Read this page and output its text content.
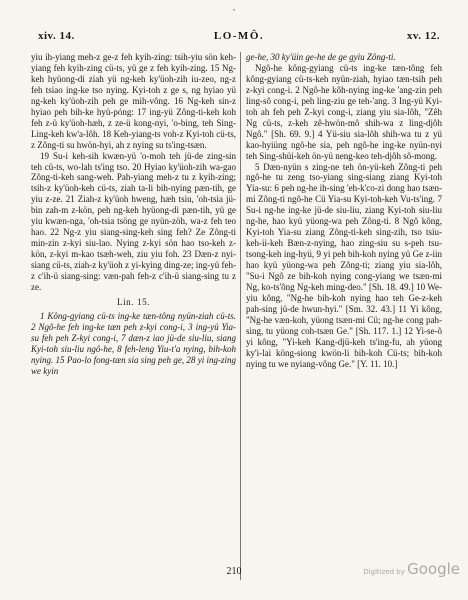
•
xiv. 14.	LO-MÔ.	xv. 12.

yiu ih-yiang meh-z ge-z feh kyih-zing: tsih-yiu sön keh-yiang feh kyih-zing cü-ts, yü ge z feh kyih-zing. 15 Ng-keh hyüong-di ziah yü ng-keh ky'üoh-zih iu-zeo, ng-z feh tsiao ing-ke tso nying. Kyi-toh z ge s, ng hyiao yü ng-keh ky'üoh-zih peh ge mih-vông. 16 Ng-keh sin-z hyiao peh bih-ke hyü-póng: 17 ing-yü Zông-ti-keh koh feh z-ü ky'üoh-hæh, z ze-ü kong-nyi, 'o-bing, teh Sing-Ling-keh kw'a-lôh. 18 Keh-yiang-ts voh-z Kyi-toh cü-ts, z Zông-ti su hwön-hyi, ah z nying su ts'ing-tsæn.

19 Su-i keh-sih kwæn-yü 'o-moh teh jü-de zing-sin teh cü-ts, wo-lah ts'ing tso. 20 Hyiao ky'üoh-zih wa-gao Zông-ti-keh sang-weh. Pah-yiang meh-z tu z kyih-zing; tsih-z ky'üoh-keh cü-ts, ziah ta-li bih-nying pæn-tih, ge yiu z-ze. 21 Ziah-z ky'üoh hweng, hæh tsiu, 'oh-tsia jü-bin zah-m z-kön, peh ng-keh hyüong-di pæn-tih, yü ge yiu kwæn-nga, 'oh-tsia tsöng ge nyün-zöh, wa-z feh teo hao. 22 Ng-z yiu siang-sing-keh sing feh? Ze Zông-ti min-zin z-kyi siu-lao. Nying z-kyi sön hao tso-keh z-kön, z-kyi m-kao tsæh-weh, ziu yiu foh. 23 Dæn-z nyi-siang cü-ts, ziah-z ky'üoh z yi-kying ding-ze; ing-yü feh-z c'ih-ü siang-sing: væn-pah feh-z c'ih-ü siang-sing tu z ze.

Lin. 15.

1 Kông-gyiang cü-ts ing-ke tæn-tông nyün-ziah cü-ts. 2 Ngô-he feh ing-ke tæn peh z-kyi cong-i, 3 ing-yü Yia-su feh peh Z-kyi cong-i, 7 dæn-z iao jü-de siu-liu, siang Kyi-toh siu-liu ngô-he, 8 feh-leng Yiu-t'a nying, bih-koh nying. 15 Pao-lo fong-tæn sia sing peh ge, 28 yi ing-zing we kyin

ge-he, 30 ky'üin ge-he de ge gyiu Zông-ti.

Ngô-he kông-gyiang cü-ts ing-ke tæn-tông feh kông-gyiang cü-ts-keh nyün-ziah, hyiao tæn-tsih peh z-kyi cong-i. 2 Ngô-he kôh-nying ing-ke 'ang-zin peh ling-sô cong-i, peh ling-ziu ge teh-'ang. 3 Ing-yü Kyi-toh ah feh peh Z-kyi cong-i, ziang yiu sia-lôh, "Zêh Ng cü-ts, z-keh zê-hwön-mô shih-wa z ling-djôh Ngô." [Sh. 69. 9.] 4 Yü-siu sia-lôh shih-wa tu z yü kao-hyiüng ngô-he sia, peh ngô-he ing-ke nyün-nyi teh Sing-shüi-keh ön-yü neng-keo teh-djôh sô-mong.

5 Dæn-nyün s zing-ne teh ön-yü-keh Zông-ti peh ngô-he tu zeng tso-yiang sing-siang ziang Kyi-toh Yia-su: 6 peh ng-he ih-sing 'eh-k'co-zi dong hao tsæn-mi Zông-ti ngô-he Cü Yia-su Kyi-toh-keh Vu-ts'ing. 7 Su-i ng-he ing-ke jü-de siu-liu, ziang Kyi-toh siu-liu ng-he, hao kyü yüong-wa peh Zông-ti. 8 Ngô kông, Kyi-toh Yia-su ziang Zông-ti-keh sing-zih, tso tsiu-keh-ii-keh Bæn-z-nying, hao zing-siu su s-peh tsu-tsong-keh ing-hyü, 9 yi peh bih-koh nying yü Ge z-iin hao kyü yüong-wa peh Zông-ti; ziang yiu sia-lôh, "Su-i Ngô ze bih-koh nying cong-yiang we tsæn-mi Ng, ko-ts'ông Ng-keh ming-deo." [Sh. 18. 49.] 10 We-yiu kông, "Ng-he bih-koh nying hao teh Ge-z-keh pah-sing jü-de hwun-hyi." [Sm. 32. 43.] 11 Yi kông, "Ng-he væn-koh, yüong tsæn-mi Cü; ng-he cong pah-sing, tu yüong coh-tsæn Ge." [Sh. 117. 1.] 12 Yi-se-õ yi kông, "Yi-keh Kang-djü-keh ts'ing-fu, ah yüong ky'i-lai köng-siong kwön-li bih-koh Cü-ts; bih-koh nying tu we nyiang-vông Ge." [Y. 11. 10.]

210	Digitized by Google
